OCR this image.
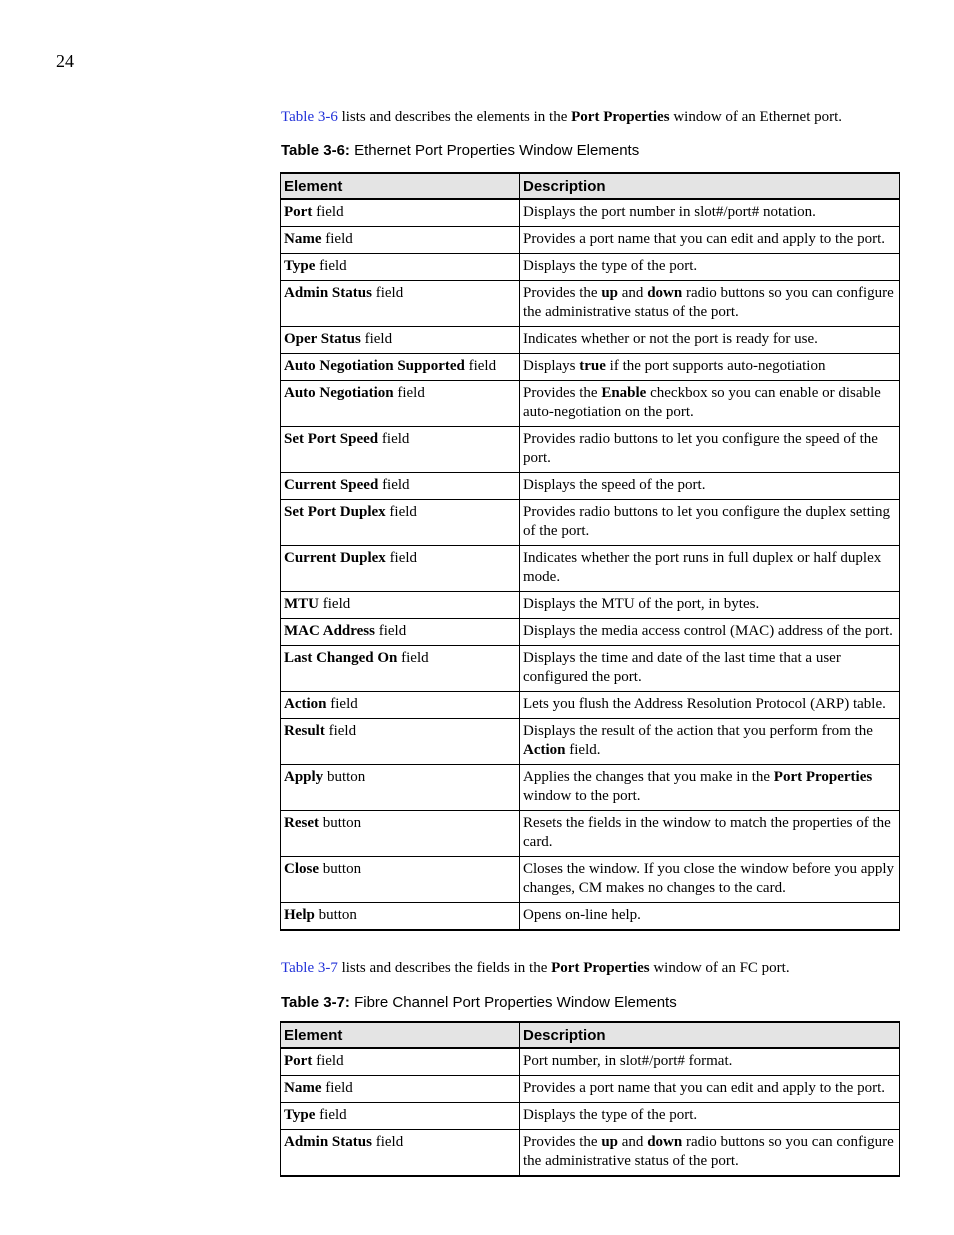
24
Table 3-6 lists and describes the elements in the Port Properties window of an Ethernet port.
Table 3-6: Ethernet Port Properties Window Elements
Element	Description
Port field	Displays the port number in slot#/port# notation.
Name field	Provides a port name that you can edit and apply to the port.
Type field	Displays the type of the port.
Admin Status field	Provides the up and down radio buttons so you can configure the administrative status of the port.
Oper Status field	Indicates whether or not the port is ready for use.
Auto Negotiation Supported field	Displays true if the port supports auto-negotiation
Auto Negotiation field	Provides the Enable checkbox so you can enable or disable auto-negotiation on the port.
Set Port Speed field	Provides radio buttons to let you configure the speed of the port.
Current Speed field	Displays the speed of the port.
Set Port Duplex field	Provides radio buttons to let you configure the duplex setting of the port.
Current Duplex field	Indicates whether the port runs in full duplex or half duplex mode.
MTU field	Displays the MTU of the port, in bytes.
MAC Address field	Displays the media access control (MAC) address of the port.
Last Changed On field	Displays the time and date of the last time that a user configured the port.
Action field	Lets you flush the Address Resolution Protocol (ARP) table.
Result field	Displays the result of the action that you perform from the Action field.
Apply button	Applies the changes that you make in the Port Properties window to the port.
Reset button	Resets the fields in the window to match the properties of the card.
Close button	Closes the window. If you close the window before you apply changes, CM makes no changes to the card.
Help button	Opens on-line help.
Table 3-7 lists and describes the fields in the Port Properties window of an FC port.
Table 3-7: Fibre Channel Port Properties Window Elements
Element	Description
Port field	Port number, in slot#/port# format.
Name field	Provides a port name that you can edit and apply to the port.
Type field	Displays the type of the port.
Admin Status field	Provides the up and down radio buttons so you can configure the administrative status of the port.
